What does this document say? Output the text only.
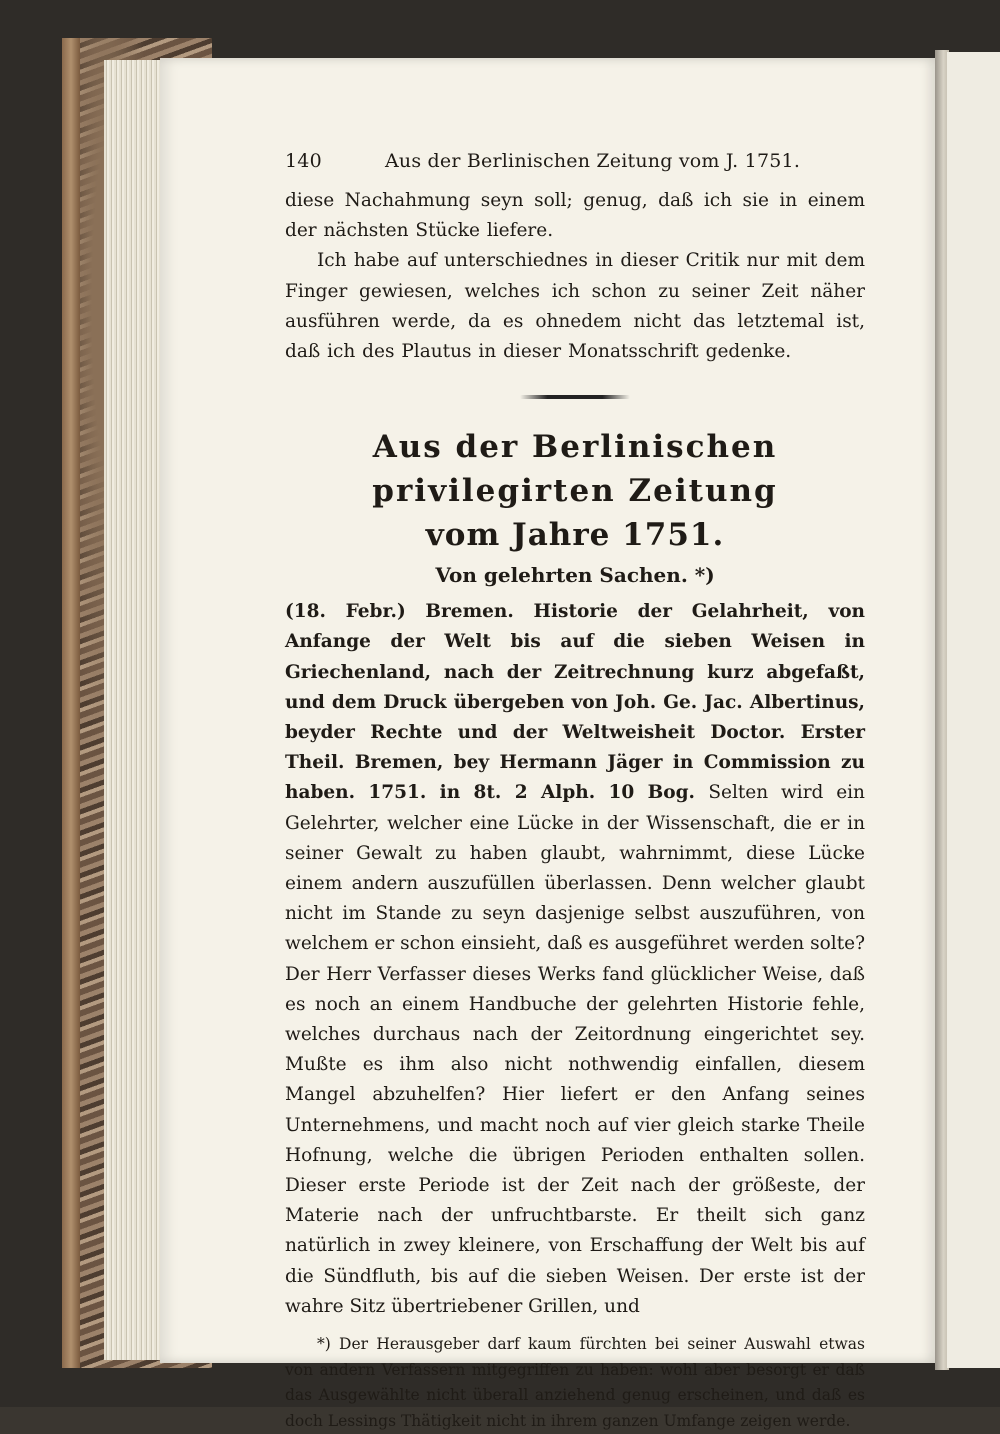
140	Aus der Berlinischen Zeitung vom J. 1751.

diese Nachahmung seyn soll; genug, daß ich sie in einem der nächsten Stücke liefere.

Ich habe auf unterschiednes in dieser Critik nur mit dem Finger gewiesen, welches ich schon zu seiner Zeit näher ausführen werde, da es ohnedem nicht das letztemal ist, daß ich des Plautus in dieser Monatsschrift gedenke.

Aus der Berlinischen privilegirten Zeitung

vom Jahre 1751.

Von gelehrten Sachen. *)

(18. Febr.) Bremen. Historie der Gelahrheit, von Anfange der Welt bis auf die sieben Weisen in Griechenland, nach der Zeitrechnung kurz abgefaßt, und dem Druck übergeben von Joh. Ge. Jac. Albertinus, beyder Rechte und der Weltweisheit Doctor. Erster Theil. Bremen, bey Hermann Jäger in Commission zu haben. 1751. in 8t. 2 Alph. 10 Bog. Selten wird ein Gelehrter, welcher eine Lücke in der Wissenschaft, die er in seiner Gewalt zu haben glaubt, wahrnimmt, diese Lücke einem andern auszufüllen überlassen. Denn welcher glaubt nicht im Stande zu seyn dasjenige selbst auszuführen, von welchem er schon einsieht, daß es ausgeführet werden solte? Der Herr Verfasser dieses Werks fand glücklicher Weise, daß es noch an einem Handbuche der gelehrten Historie fehle, welches durchaus nach der Zeitordnung eingerichtet sey. Mußte es ihm also nicht nothwendig einfallen, diesem Mangel abzuhelfen? Hier liefert er den Anfang seines Unternehmens, und macht noch auf vier gleich starke Theile Hofnung, welche die übrigen Perioden enthalten sollen. Dieser erste Periode ist der Zeit nach der größeste, der Materie nach der unfruchtbarste. Er theilt sich ganz natürlich in zwey kleinere, von Erschaffung der Welt bis auf die Sündfluth, bis auf die sieben Weisen. Der erste ist der wahre Sitz übertriebener Grillen, und

*) Der Herausgeber darf kaum fürchten bei seiner Auswahl etwas von andern Verfassern mitgegriffen zu haben: wohl aber besorgt er daß das Ausgewählte nicht überall anziehend genug erscheinen, und daß es doch Lessings Thätigkeit nicht in ihrem ganzen Umfange zeigen werde.
